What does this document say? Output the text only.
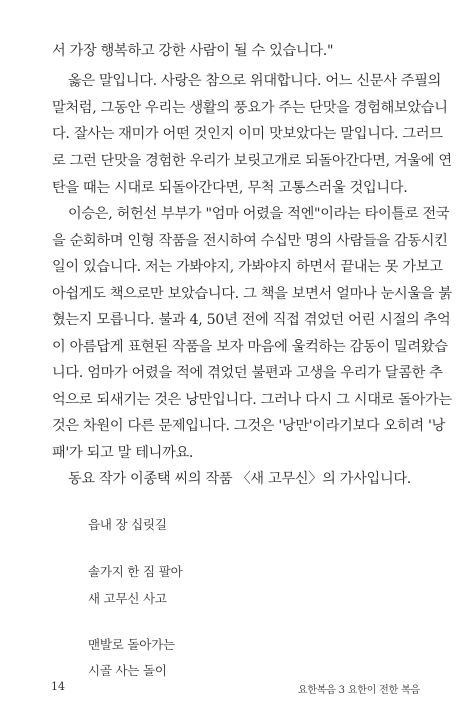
서 가장 행복하고 강한 사람이 될 수 있습니다."
옳은 말입니다. 사랑은 참으로 위대합니다. 어느 신문사 주필의
말처럼, 그동안 우리는 생활의 풍요가 주는 단맛을 경험해보았습니
다. 잘사는 재미가 어떤 것인지 이미 맛보았다는 말입니다. 그러므
로 그런 단맛을 경험한 우리가 보릿고개로 되돌아간다면, 겨울에 연
탄을 때는 시대로 되돌아간다면, 무척 고통스러울 것입니다.
이승은, 허헌선 부부가 "엄마 어렸을 적엔"이라는 타이틀로 전국
을 순회하며 인형 작품을 전시하여 수십만 명의 사람들을 감동시킨
일이 있습니다. 저는 가봐야지, 가봐야지 하면서 끝내는 못 가보고
아쉽게도 책으로만 보았습니다. 그 책을 보면서 얼마나 눈시울을 붉
혔는지 모릅니다. 불과 4, 50년 전에 직접 겪었던 어린 시절의 추억
이 아름답게 표현된 작품을 보자 마음에 울컥하는 감동이 밀려왔습
니다. 엄마가 어렸을 적에 겪었던 불편과 고생을 우리가 달콤한 추
억으로 되새기는 것은 낭만입니다. 그러나 다시 그 시대로 돌아가는
것은 차원이 다른 문제입니다. 그것은 '낭만'이라기보다 오히려 '낭
패'가 되고 말 테니까요.
동요 작가 이종택 씨의 작품 〈새 고무신〉의 가사입니다.
읍내 장 십릿길
솔가지 한 짐 팔아
새 고무신 사고
맨발로 돌아가는
시골 사는 돌이
14	요한복음 3 요한이 전한 복음
